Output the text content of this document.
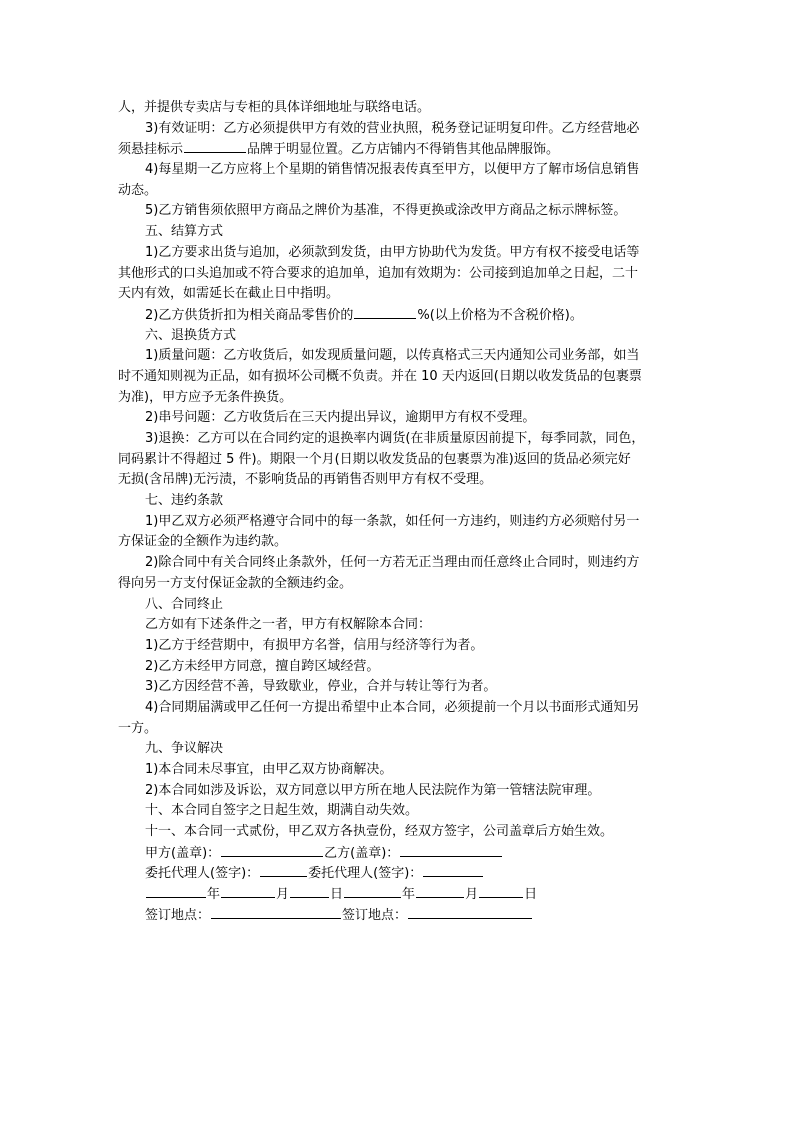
人，并提供专卖店与专柜的具体详细地址与联络电话。
3)有效证明：乙方必须提供甲方有效的营业执照，税务登记证明复印件。乙方经营地必
须悬挂标示	品牌于明显位置。乙方店铺内不得销售其他品牌服饰。
4)每星期一乙方应将上个星期的销售情况报表传真至甲方，以便甲方了解市场信息销售
动态。
5)乙方销售须依照甲方商品之牌价为基准，不得更换或涂改甲方商品之标示牌标签。
五、结算方式
1)乙方要求出货与追加，必须款到发货，由甲方协助代为发货。甲方有权不接受电话等
其他形式的口头追加或不符合要求的追加单，追加有效期为：公司接到追加单之日起，二十
天内有效，如需延长在截止日中指明。
2)乙方供货折扣为相关商品零售价的	%(以上价格为不含税价格)。
六、退换货方式
1)质量问题：乙方收货后，如发现质量问题，以传真格式三天内通知公司业务部，如当
时不通知则视为正品，如有损坏公司概不负责。并在 10 天内返回(日期以收发货品的包裹票
为准)，甲方应予无条件换货。
2)串号问题：乙方收货后在三天内提出异议，逾期甲方有权不受理。
3)退换：乙方可以在合同约定的退换率内调货(在非质量原因前提下，每季同款，同色，
同码累计不得超过 5 件)。期限一个月(日期以收发货品的包裹票为准)返回的货品必须完好
无损(含吊牌)无污渍，不影响货品的再销售否则甲方有权不受理。
七、违约条款
1)甲乙双方必须严格遵守合同中的每一条款，如任何一方违约，则违约方必须赔付另一
方保证金的全额作为违约款。
2)除合同中有关合同终止条款外，任何一方若无正当理由而任意终止合同时，则违约方
得向另一方支付保证金款的全额违约金。
八、合同终止
乙方如有下述条件之一者，甲方有权解除本合同：
1)乙方于经营期中，有损甲方名誉，信用与经济等行为者。
2)乙方未经甲方同意，擅自跨区域经营。
3)乙方因经营不善，导致歇业，停业，合并与转让等行为者。
4)合同期届满或甲乙任何一方提出希望中止本合同，必须提前一个月以书面形式通知另
一方。
九、争议解决
1)本合同未尽事宜，由甲乙双方协商解决。
2)本合同如涉及诉讼，双方同意以甲方所在地人民法院作为第一管辖法院审理。
十、本合同自签字之日起生效，期满自动失效。
十一、本合同一式贰份，甲乙双方各执壹份，经双方签字，公司盖章后方始生效。
甲方(盖章)：	乙方(盖章)：
委托代理人(签字)：	委托代理人(签字)：
年	月	日	年	月	日
签订地点：	签订地点：
